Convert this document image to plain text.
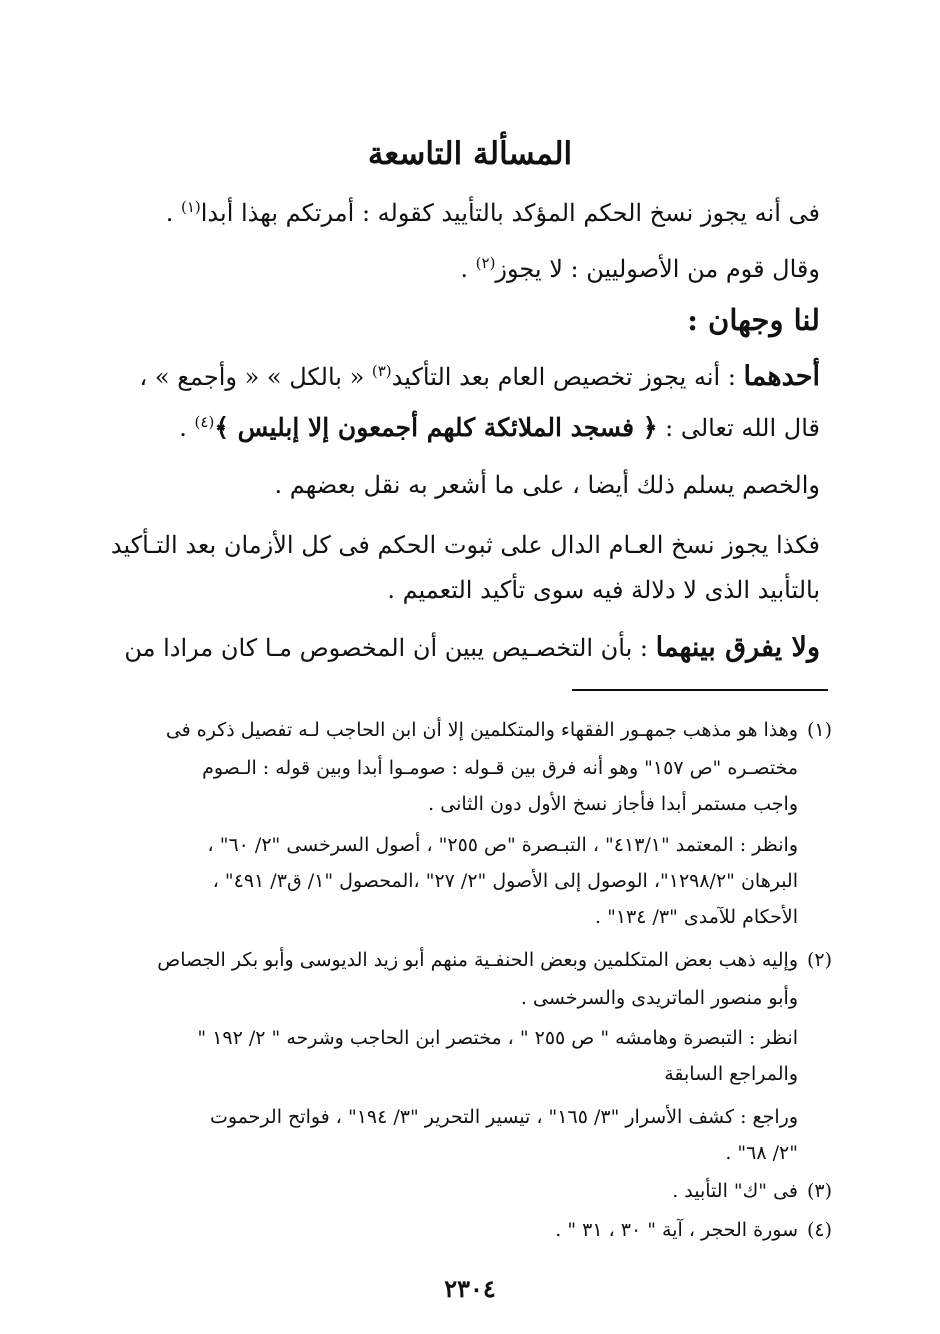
المسألة التاسعة
فى أنه يجوز نسخ الحكم المؤكد بالتأييد كقوله : أمرتكم بهذا أبدا$^{(١)}$ .
وقال قوم من الأصوليين : لا يجوز$^{(٢)}$ .
لنا وجهان :
أحدهما : أنه يجوز تخصيص العام بعد التأكيد$^{(٣)}$ « بالكل » « وأجمع » ،
قال الله تعالى : ﴿ فسجد الملائكة كلهم أجمعون إلا إبليس ﴾$^{(٤)}$ .
والخصم يسلم ذلك أيضا ، على ما أشعر به نقل بعضهم .
فكذا يجوز نسخ العـام الدال على ثبوت الحكم فى كل الأزمان بعد التـأكيد
بالتأبيد الذى لا دلالة فيه سوى تأكيد التعميم .
ولا يفرق بينهما : بأن التخصـيص يبين أن المخصوص مـا كان مرادا من
(١)وهذا هو مذهب جمهـور الفقهاء والمتكلمين إلا أن ابن الحاجب لـه تفصيل ذكره فى
مختصـره "ص ١٥٧" وهو أنه فرق بين قـوله : صومـوا أبدا وبين قوله : الـصوم
واجب مستمر أبدا فأجاز نسخ الأول دون الثانى .
وانظر : المعتمد "٤١٣/١" ، التبـصرة "ص ٢٥٥" ، أصول السرخسى "٢/ ٦٠" ،
البرهان "١٢٩٨/٢"، الوصول إلى الأصول "٢/ ٢٧" ،المحصول "١/ ق٣/ ٤٩١" ،
الأحكام للآمدى "٣/ ١٣٤" .
(٢)وإليه ذهب بعض المتكلمين وبعض الحنفـية منهم أبو زيد الديوسى وأبو بكر الجصاص
وأبو منصور الماتريدى والسرخسى .
انظر : التبصرة وهامشه " ص ٢٥٥ " ، مختصر ابن الحاجب وشرحه " ٢/ ١٩٢ "
والمراجع السابقة
وراجع : كشف الأسرار "٣/ ١٦٥" ، تيسير التحرير "٣/ ١٩٤" ، فواتح الرحموت
"٢/ ٦٨" .
(٣)فى "ك" التأبيد .
(٤)سورة الحجر ، آية " ٣٠ ، ٣١ " .
٢٣٠٤
